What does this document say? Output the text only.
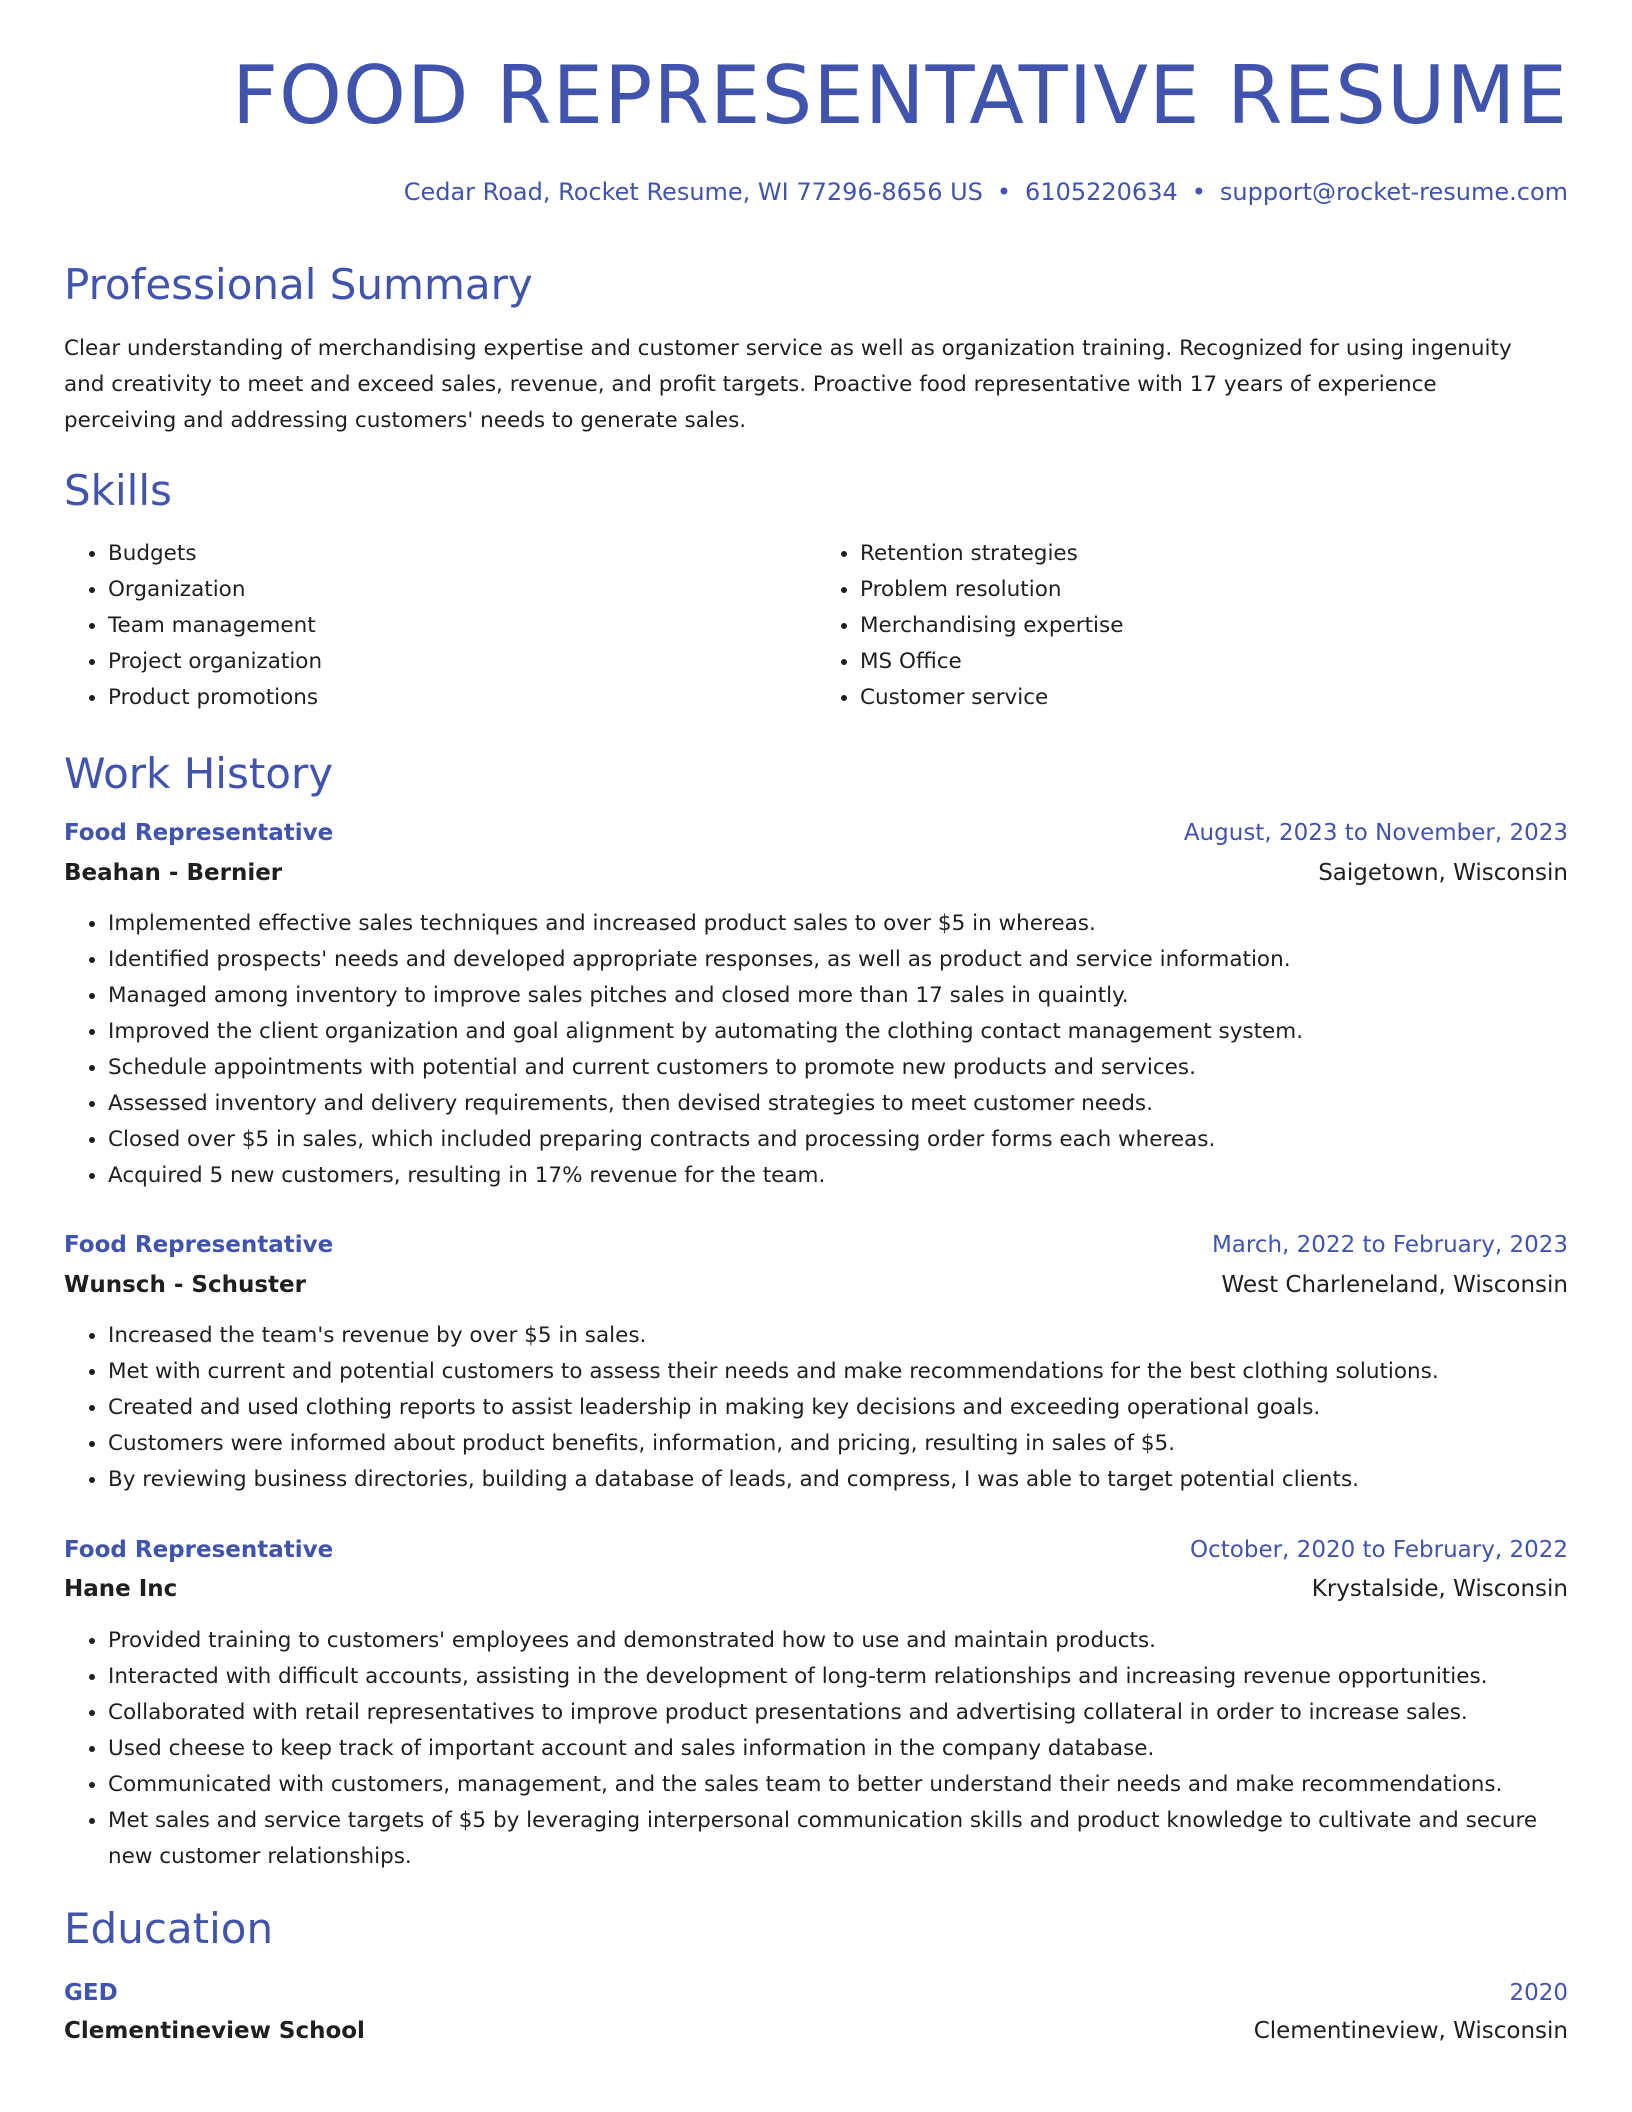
FOOD REPRESENTATIVE RESUME
Cedar Road, Rocket Resume, WI 77296-8656 US • 6105220634 • support@rocket-resume.com
Professional Summary

Clear understanding of merchandising expertise and customer service as well as organization training. Recognized for using ingenuity and creativity to meet and exceed sales, revenue, and profit targets. Proactive food representative with 17 years of experience perceiving and addressing customers' needs to generate sales.

Skills
• Budgets
• Organization
• Team management
• Project organization
• Product promotions
• Retention strategies
• Problem resolution
• Merchandising expertise
• MS Office
• Customer service
Work History
Food Representative	August, 2023 to November, 2023
Beahan - Bernier	Saigetown, Wisconsin
• Implemented effective sales techniques and increased product sales to over $5 in whereas.
• Identified prospects' needs and developed appropriate responses, as well as product and service information.
• Managed among inventory to improve sales pitches and closed more than 17 sales in quaintly.
• Improved the client organization and goal alignment by automating the clothing contact management system.
• Schedule appointments with potential and current customers to promote new products and services.
• Assessed inventory and delivery requirements, then devised strategies to meet customer needs.
• Closed over $5 in sales, which included preparing contracts and processing order forms each whereas.
• Acquired 5 new customers, resulting in 17% revenue for the team.
Food Representative	March, 2022 to February, 2023
Wunsch - Schuster	West Charleneland, Wisconsin
• Increased the team's revenue by over $5 in sales.
• Met with current and potential customers to assess their needs and make recommendations for the best clothing solutions.
• Created and used clothing reports to assist leadership in making key decisions and exceeding operational goals.
• Customers were informed about product benefits, information, and pricing, resulting in sales of $5.
• By reviewing business directories, building a database of leads, and compress, I was able to target potential clients.
Food Representative	October, 2020 to February, 2022
Hane Inc	Krystalside, Wisconsin
• Provided training to customers' employees and demonstrated how to use and maintain products.
• Interacted with difficult accounts, assisting in the development of long-term relationships and increasing revenue opportunities.
• Collaborated with retail representatives to improve product presentations and advertising collateral in order to increase sales.
• Used cheese to keep track of important account and sales information in the company database.
• Communicated with customers, management, and the sales team to better understand their needs and make recommendations.
• Met sales and service targets of $5 by leveraging interpersonal communication skills and product knowledge to cultivate and secure new customer relationships.
Education
GED	2020
Clementineview School	Clementineview, Wisconsin
